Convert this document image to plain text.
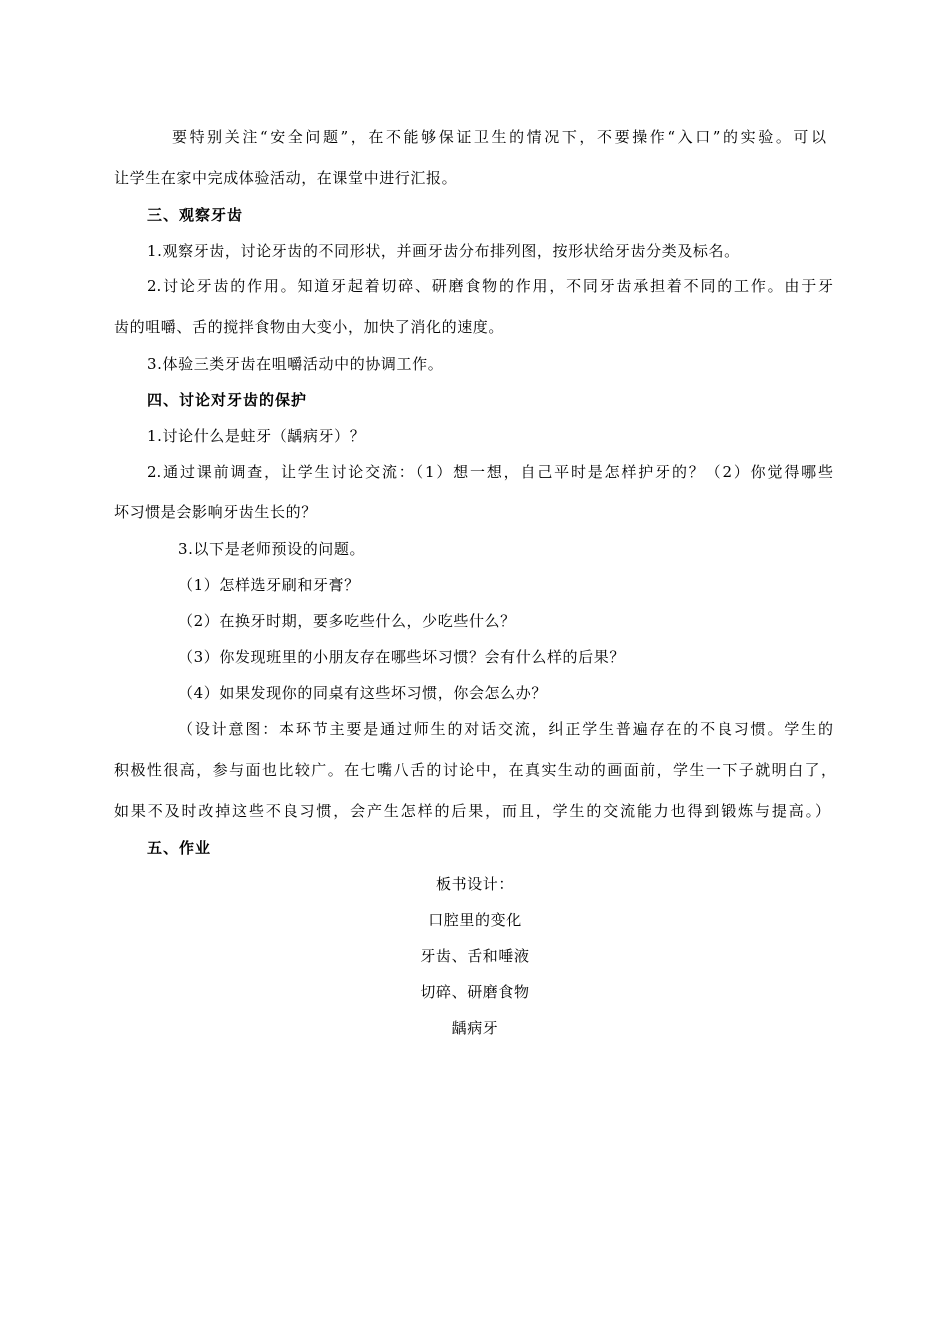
要特别关注“安全问题”，在不能够保证卫生的情况下，不要操作“入口”的实验。可以
让学生在家中完成体验活动，在课堂中进行汇报。
三、观察牙齿
1.观察牙齿，讨论牙齿的不同形状，并画牙齿分布排列图，按形状给牙齿分类及标名。
2.讨论牙齿的作用。知道牙起着切碎、研磨食物的作用，不同牙齿承担着不同的工作。由于牙
齿的咀嚼、舌的搅拌食物由大变小，加快了消化的速度。
3.体验三类牙齿在咀嚼活动中的协调工作。
四、讨论对牙齿的保护
1.讨论什么是蛀牙（龋病牙）？
2.通过课前调查，让学生讨论交流：（1）想一想，自己平时是怎样护牙的？（2）你觉得哪些
坏习惯是会影响牙齿生长的？
3.以下是老师预设的问题。
（1）怎样选牙刷和牙膏？
（2）在换牙时期，要多吃些什么，少吃些什么？
（3）你发现班里的小朋友存在哪些坏习惯？会有什么样的后果？
（4）如果发现你的同桌有这些坏习惯，你会怎么办？
（设计意图：本环节主要是通过师生的对话交流，纠正学生普遍存在的不良习惯。学生的
积极性很高，参与面也比较广。在七嘴八舌的讨论中，在真实生动的画面前，学生一下子就明白了，
如果不及时改掉这些不良习惯，会产生怎样的后果，而且，学生的交流能力也得到锻炼与提高。）
五、作业
板书设计：
口腔里的变化
牙齿、舌和唾液
切碎、研磨食物
龋病牙
